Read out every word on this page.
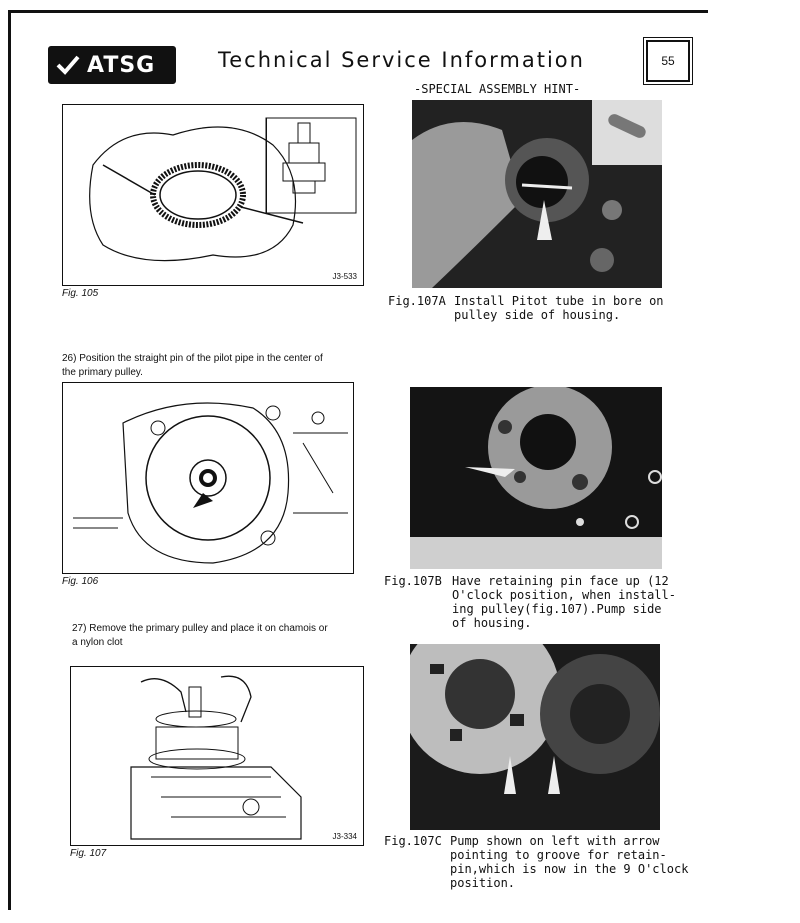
ATSG	Technical Service Information	55
-SPECIAL ASSEMBLY HINT-
J3-533
Fig. 105
26) Position the straight pin of the pilot pipe in the center of
the primary pulley.
Fig. 106
27) Remove the primary pulley and place it on chamois or
a nylon clot
J3-334
Fig. 107
Fig.107A Install Pitot tube in bore on
pulley side of housing.
Fig.107B Have retaining pin face up (12
O'clock position, when install-
ing pulley(fig.107).Pump side
of housing.
Fig.107C Pump shown on left with arrow
pointing to groove for retain-
pin,which is now in the 9 O'clock
position.
